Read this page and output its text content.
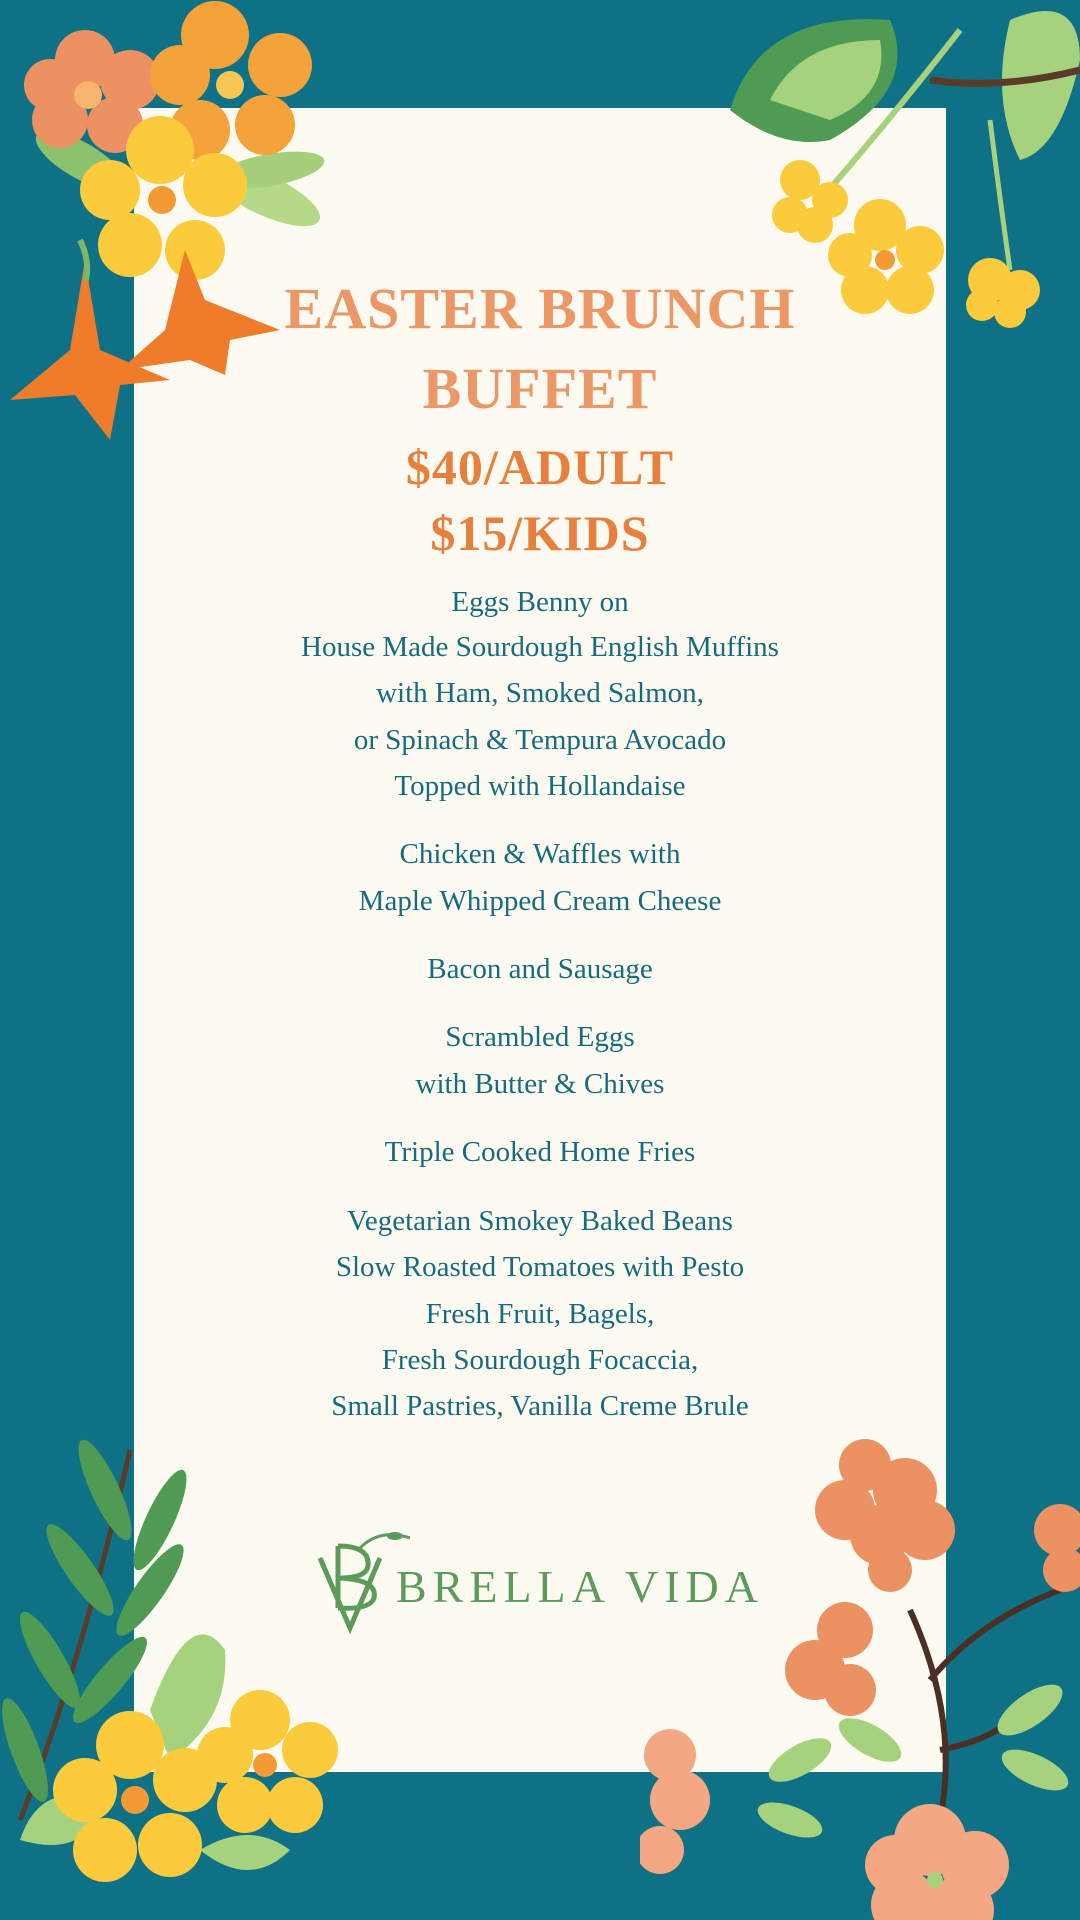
EASTER BRUNCH
BUFFET
$40/ADULT
$15/KIDS
Eggs Benny on
House Made Sourdough English Muffins
with Ham, Smoked Salmon,
or Spinach & Tempura Avocado
Topped with Hollandaise
Chicken & Waffles with
Maple Whipped Cream Cheese
Bacon and Sausage
Scrambled Eggs
with Butter & Chives
Triple Cooked Home Fries
Vegetarian Smokey Baked Beans
Slow Roasted Tomatoes with Pesto
Fresh Fruit, Bagels,
Fresh Sourdough Focaccia,
Small Pastries, Vanilla Creme Brule
BRELLA VIDA
